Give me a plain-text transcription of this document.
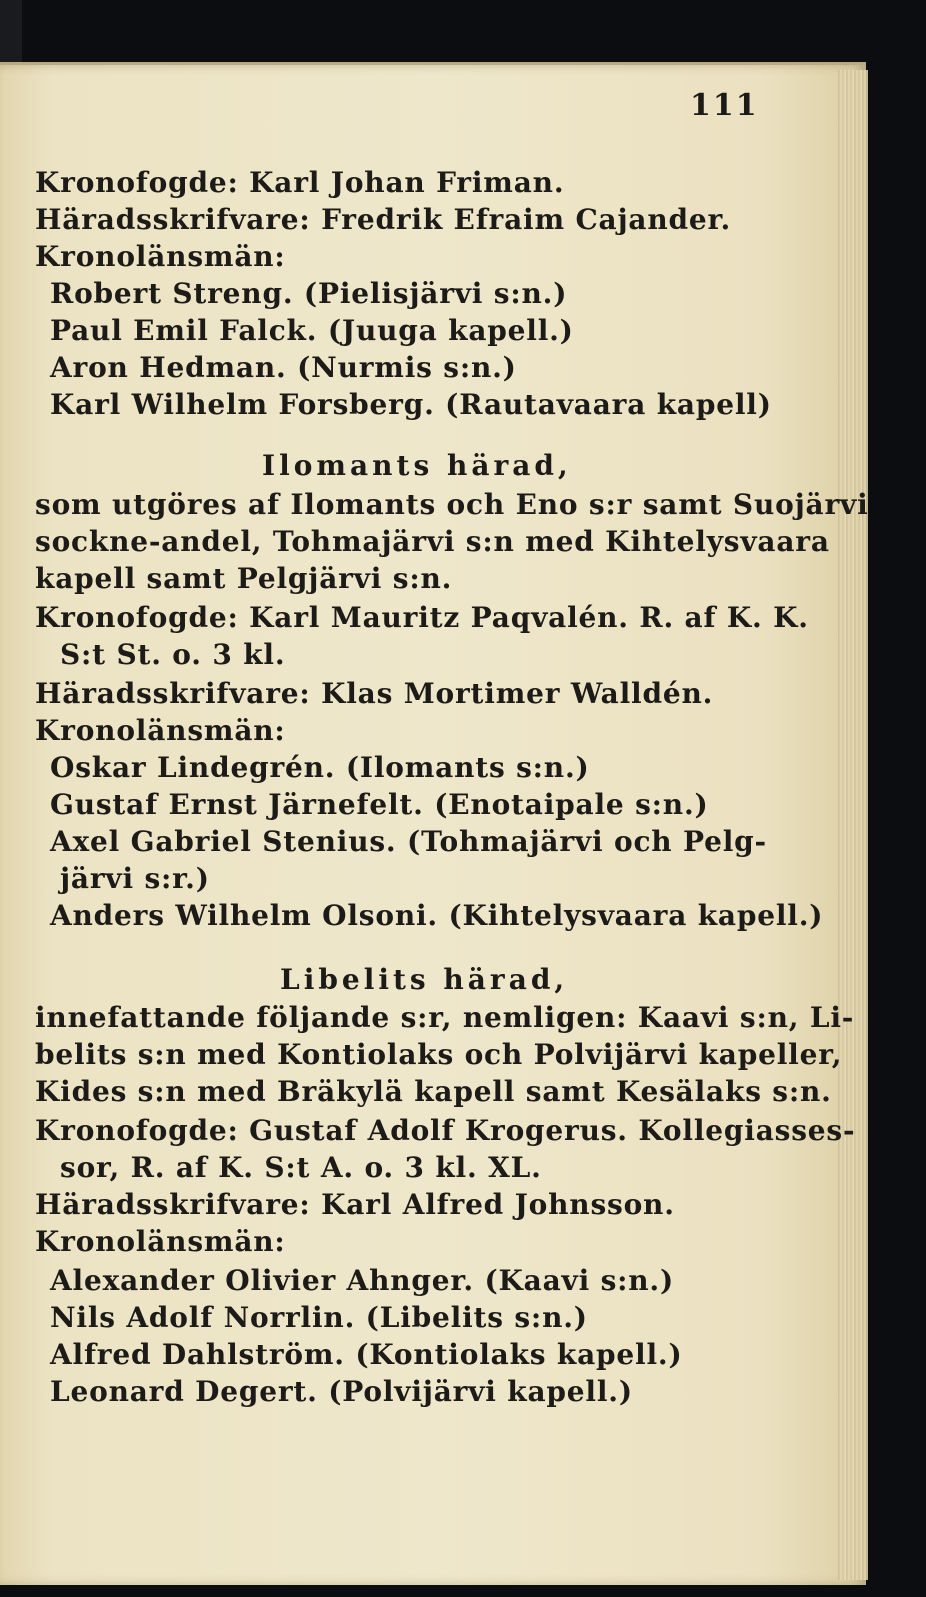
111
Kronofogde: Karl Johan Friman.
Häradsskrifvare: Fredrik Efraim Cajander.
Kronolänsmän:
Robert Streng. (Pielisjärvi s:n.)
Paul Emil Falck. (Juuga kapell.)
Aron Hedman. (Nurmis s:n.)
Karl Wilhelm Forsberg. (Rautavaara kapell)
Ilomants härad,
som utgöres af Ilomants och Eno s:r samt Suojärvi
sockne-andel, Tohmajärvi s:n med Kihtelysvaara
kapell samt Pelgjärvi s:n.
Kronofogde: Karl Mauritz Paqvalén. R. af K. K.
S:t St. o. 3 kl.
Häradsskrifvare: Klas Mortimer Walldén.
Kronolänsmän:
Oskar Lindegrén. (Ilomants s:n.)
Gustaf Ernst Järnefelt. (Enotaipale s:n.)
Axel Gabriel Stenius. (Tohmajärvi och Pelg-
järvi s:r.)
Anders Wilhelm Olsoni. (Kihtelysvaara kapell.)
Libelits härad,
innefattande följande s:r, nemligen: Kaavi s:n, Li-
belits s:n med Kontiolaks och Polvijärvi kapeller,
Kides s:n med Bräkylä kapell samt Kesälaks s:n.
Kronofogde: Gustaf Adolf Krogerus. Kollegiasses-
sor, R. af K. S:t A. o. 3 kl. XL.
Häradsskrifvare: Karl Alfred Johnsson.
Kronolänsmän:
Alexander Olivier Ahnger. (Kaavi s:n.)
Nils Adolf Norrlin. (Libelits s:n.)
Alfred Dahlström. (Kontiolaks kapell.)
Leonard Degert. (Polvijärvi kapell.)
